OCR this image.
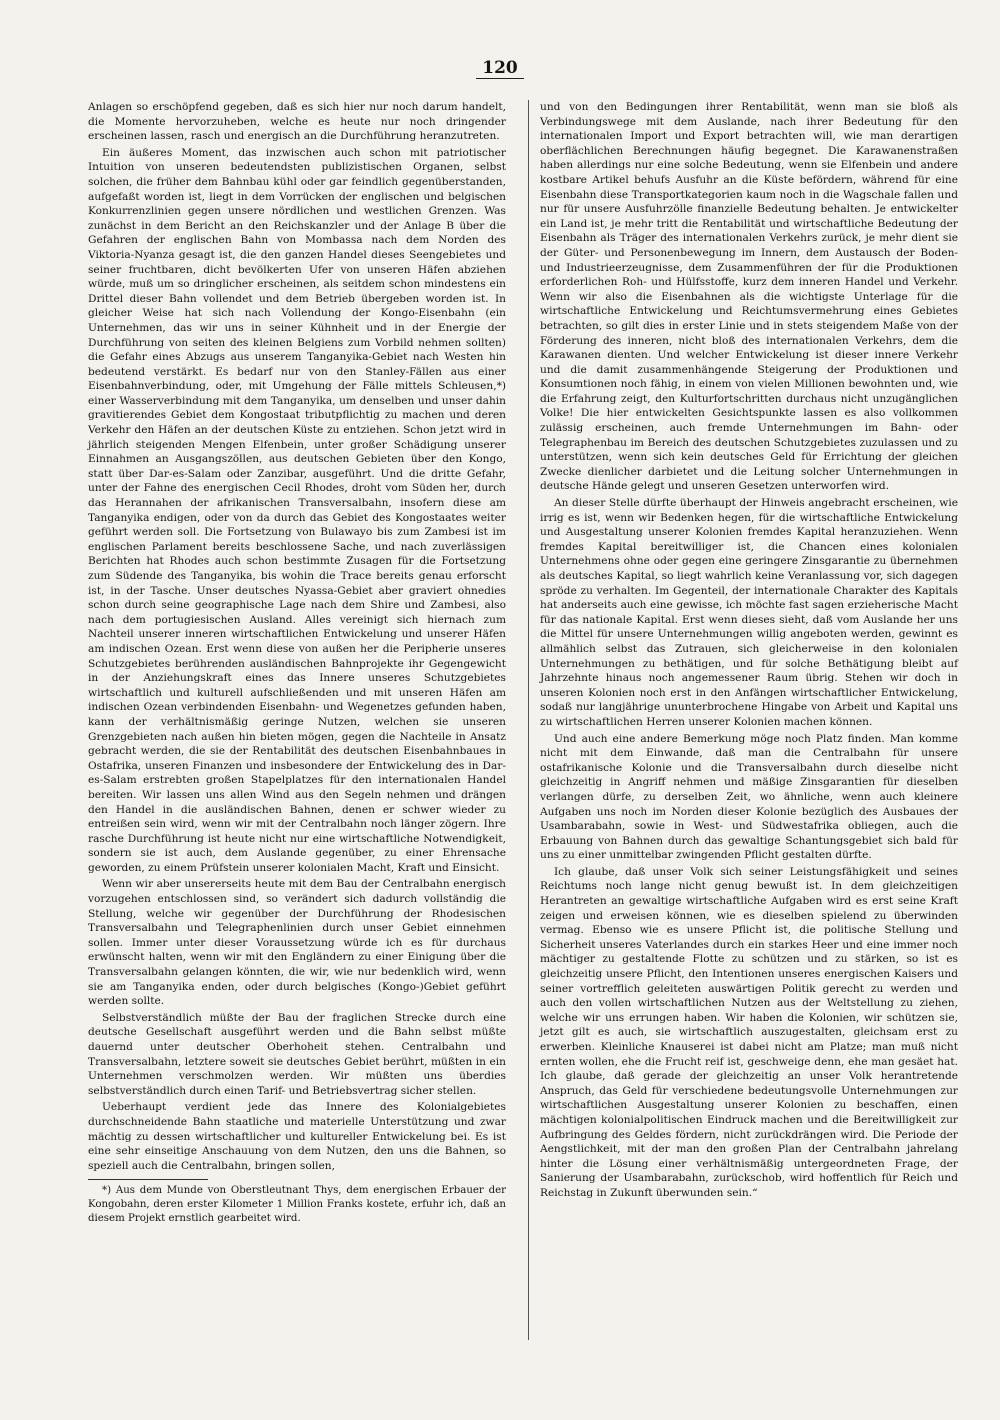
120

Anlagen so erschöpfend gegeben, daß es sich hier nur noch darum handelt, die Momente hervorzuheben, welche es heute nur noch dringender erscheinen lassen, rasch und energisch an die Durchführung heranzutreten.

Ein äußeres Moment, das inzwischen auch schon mit patriotischer Intuition von unseren bedeutendsten publizistischen Organen, selbst solchen, die früher dem Bahnbau kühl oder gar feindlich gegenüberstanden, aufgefaßt worden ist, liegt in dem Vorrücken der englischen und belgischen Konkurrenzlinien gegen unsere nördlichen und westlichen Grenzen. Was zunächst in dem Bericht an den Reichskanzler und der Anlage B über die Gefahren der englischen Bahn von Mombassa nach dem Norden des Viktoria-Nyanza gesagt ist, die den ganzen Handel dieses Seengebietes und seiner fruchtbaren, dicht bevölkerten Ufer von unseren Häfen abziehen würde, muß um so dringlicher erscheinen, als seitdem schon mindestens ein Drittel dieser Bahn vollendet und dem Betrieb übergeben worden ist. In gleicher Weise hat sich nach Vollendung der Kongo-Eisenbahn (ein Unternehmen, das wir uns in seiner Kühnheit und in der Energie der Durchführung von seiten des kleinen Belgiens zum Vorbild nehmen sollten) die Gefahr eines Abzugs aus unserem Tanganyika-Gebiet nach Westen hin bedeutend verstärkt. Es bedarf nur von den Stanley-Fällen aus einer Eisenbahnverbindung, oder, mit Umgehung der Fälle mittels Schleusen,*) einer Wasserverbindung mit dem Tanganyika, um denselben und unser dahin gravitierendes Gebiet dem Kongostaat tributpflichtig zu machen und deren Verkehr den Häfen an der deutschen Küste zu entziehen. Schon jetzt wird in jährlich steigenden Mengen Elfenbein, unter großer Schädigung unserer Einnahmen an Ausgangszöllen, aus deutschen Gebieten über den Kongo, statt über Dar-es-Salam oder Zanzibar, ausgeführt. Und die dritte Gefahr, unter der Fahne des energischen Cecil Rhodes, droht vom Süden her, durch das Herannahen der afrikanischen Transversalbahn, insofern diese am Tanganyika endigen, oder von da durch das Gebiet des Kongostaates weiter geführt werden soll. Die Fortsetzung von Bulawayo bis zum Zambesi ist im englischen Parlament bereits beschlossene Sache, und nach zuverlässigen Berichten hat Rhodes auch schon bestimmte Zusagen für die Fortsetzung zum Südende des Tanganyika, bis wohin die Trace bereits genau erforscht ist, in der Tasche. Unser deutsches Nyassa-Gebiet aber graviert ohnedies schon durch seine geographische Lage nach dem Shire und Zambesi, also nach dem portugiesischen Ausland. Alles vereinigt sich hiernach zum Nachteil unserer inneren wirtschaftlichen Entwickelung und unserer Häfen am indischen Ozean. Erst wenn diese von außen her die Peripherie unseres Schutzgebietes berührenden ausländischen Bahnprojekte ihr Gegengewicht in der Anziehungskraft eines das Innere unseres Schutzgebietes wirtschaftlich und kulturell aufschließenden und mit unseren Häfen am indischen Ozean verbindenden Eisenbahn- und Wegenetzes gefunden haben, kann der verhältnismäßig geringe Nutzen, welchen sie unseren Grenzgebieten nach außen hin bieten mögen, gegen die Nachteile in Ansatz gebracht werden, die sie der Rentabilität des deutschen Eisenbahnbaues in Ostafrika, unseren Finanzen und insbesondere der Entwickelung des in Dar-es-Salam erstrebten großen Stapelplatzes für den internationalen Handel bereiten. Wir lassen uns allen Wind aus den Segeln nehmen und drängen den Handel in die ausländischen Bahnen, denen er schwer wieder zu entreißen sein wird, wenn wir mit der Centralbahn noch länger zögern. Ihre rasche Durchführung ist heute nicht nur eine wirtschaftliche Notwendigkeit, sondern sie ist auch, dem Auslande gegenüber, zu einer Ehrensache geworden, zu einem Prüfstein unserer kolonialen Macht, Kraft und Einsicht.

Wenn wir aber unsererseits heute mit dem Bau der Centralbahn energisch vorzugehen entschlossen sind, so verändert sich dadurch vollständig die Stellung, welche wir gegenüber der Durchführung der Rhodesischen Transversalbahn und Telegraphenlinien durch unser Gebiet einnehmen sollen. Immer unter dieser Voraussetzung würde ich es für durchaus erwünscht halten, wenn wir mit den Engländern zu einer Einigung über die Transversalbahn gelangen könnten, die wir, wie nur bedenklich wird, wenn sie am Tanganyika enden, oder durch belgisches (Kongo-)Gebiet geführt werden sollte.

Selbstverständlich müßte der Bau der fraglichen Strecke durch eine deutsche Gesellschaft ausgeführt werden und die Bahn selbst müßte dauernd unter deutscher Oberhoheit stehen. Centralbahn und Transversalbahn, letztere soweit sie deutsches Gebiet berührt, müßten in ein Unternehmen verschmolzen werden. Wir müßten uns überdies selbstverständlich durch einen Tarif- und Betriebsvertrag sicher stellen.

Ueberhaupt verdient jede das Innere des Kolonialgebietes durchschneidende Bahn staatliche und materielle Unterstützung und zwar mächtig zu dessen wirtschaftlicher und kultureller Entwickelung bei. Es ist eine sehr einseitige Anschauung von dem Nutzen, den uns die Bahnen, so speziell auch die Centralbahn, bringen sollen,

*) Aus dem Munde von Oberstleutnant Thys, dem energischen Erbauer der Kongobahn, deren erster Kilometer 1 Million Franks kostete, erfuhr ich, daß an diesem Projekt ernstlich gearbeitet wird.

und von den Bedingungen ihrer Rentabilität, wenn man sie bloß als Verbindungswege mit dem Auslande, nach ihrer Bedeutung für den internationalen Import und Export betrachten will, wie man derartigen oberflächlichen Berechnungen häufig begegnet. Die Karawanenstraßen haben allerdings nur eine solche Bedeutung, wenn sie Elfenbein und andere kostbare Artikel behufs Ausfuhr an die Küste befördern, während für eine Eisenbahn diese Transportkategorien kaum noch in die Wagschale fallen und nur für unsere Ausfuhrzölle finanzielle Bedeutung behalten. Je entwickelter ein Land ist, je mehr tritt die Rentabilität und wirtschaftliche Bedeutung der Eisenbahn als Träger des internationalen Verkehrs zurück, je mehr dient sie der Güter- und Personenbewegung im Innern, dem Austausch der Boden- und Industrieerzeugnisse, dem Zusammenführen der für die Produktionen erforderlichen Roh- und Hülfsstoffe, kurz dem inneren Handel und Verkehr. Wenn wir also die Eisenbahnen als die wichtigste Unterlage für die wirtschaftliche Entwickelung und Reichtumsvermehrung eines Gebietes betrachten, so gilt dies in erster Linie und in stets steigendem Maße von der Förderung des inneren, nicht bloß des internationalen Verkehrs, dem die Karawanen dienten. Und welcher Entwickelung ist dieser innere Verkehr und die damit zusammenhängende Steigerung der Produktionen und Konsumtionen noch fähig, in einem von vielen Millionen bewohnten und, wie die Erfahrung zeigt, den Kulturfortschritten durchaus nicht unzugänglichen Volke! Die hier entwickelten Gesichtspunkte lassen es also vollkommen zulässig erscheinen, auch fremde Unternehmungen im Bahn- oder Telegraphenbau im Bereich des deutschen Schutzgebietes zuzulassen und zu unterstützen, wenn sich kein deutsches Geld für Errichtung der gleichen Zwecke dienlicher darbietet und die Leitung solcher Unternehmungen in deutsche Hände gelegt und unseren Gesetzen unterworfen wird.

An dieser Stelle dürfte überhaupt der Hinweis angebracht erscheinen, wie irrig es ist, wenn wir Bedenken hegen, für die wirtschaftliche Entwickelung und Ausgestaltung unserer Kolonien fremdes Kapital heranzuziehen. Wenn fremdes Kapital bereitwilliger ist, die Chancen eines kolonialen Unternehmens ohne oder gegen eine geringere Zinsgarantie zu übernehmen als deutsches Kapital, so liegt wahrlich keine Veranlassung vor, sich dagegen spröde zu verhalten. Im Gegenteil, der internationale Charakter des Kapitals hat anderseits auch eine gewisse, ich möchte fast sagen erzieherische Macht für das nationale Kapital. Erst wenn dieses sieht, daß vom Auslande her uns die Mittel für unsere Unternehmungen willig angeboten werden, gewinnt es allmählich selbst das Zutrauen, sich gleicherweise in den kolonialen Unternehmungen zu bethätigen, und für solche Bethätigung bleibt auf Jahrzehnte hinaus noch angemessener Raum übrig. Stehen wir doch in unseren Kolonien noch erst in den Anfängen wirtschaftlicher Entwickelung, sodaß nur langjährige ununterbrochene Hingabe von Arbeit und Kapital uns zu wirtschaftlichen Herren unserer Kolonien machen können.

Und auch eine andere Bemerkung möge noch Platz finden. Man komme nicht mit dem Einwande, daß man die Centralbahn für unsere ostafrikanische Kolonie und die Transversalbahn durch dieselbe nicht gleichzeitig in Angriff nehmen und mäßige Zinsgarantien für dieselben verlangen dürfe, zu derselben Zeit, wo ähnliche, wenn auch kleinere Aufgaben uns noch im Norden dieser Kolonie bezüglich des Ausbaues der Usambarabahn, sowie in West- und Südwestafrika obliegen, auch die Erbauung von Bahnen durch das gewaltige Schantungsgebiet sich bald für uns zu einer unmittelbar zwingenden Pflicht gestalten dürfte.

Ich glaube, daß unser Volk sich seiner Leistungsfähigkeit und seines Reichtums noch lange nicht genug bewußt ist. In dem gleichzeitigen Herantreten an gewaltige wirtschaftliche Aufgaben wird es erst seine Kraft zeigen und erweisen können, wie es dieselben spielend zu überwinden vermag. Ebenso wie es unsere Pflicht ist, die politische Stellung und Sicherheit unseres Vaterlandes durch ein starkes Heer und eine immer noch mächtiger zu gestaltende Flotte zu schützen und zu stärken, so ist es gleichzeitig unsere Pflicht, den Intentionen unseres energischen Kaisers und seiner vortrefflich geleiteten auswärtigen Politik gerecht zu werden und auch den vollen wirtschaftlichen Nutzen aus der Weltstellung zu ziehen, welche wir uns errungen haben. Wir haben die Kolonien, wir schützen sie, jetzt gilt es auch, sie wirtschaftlich auszugestalten, gleichsam erst zu erwerben. Kleinliche Knauserei ist dabei nicht am Platze; man muß nicht ernten wollen, ehe die Frucht reif ist, geschweige denn, ehe man gesäet hat. Ich glaube, daß gerade der gleichzeitig an unser Volk herantretende Anspruch, das Geld für verschiedene bedeutungsvolle Unternehmungen zur wirtschaftlichen Ausgestaltung unserer Kolonien zu beschaffen, einen mächtigen kolonialpolitischen Eindruck machen und die Bereitwilligkeit zur Aufbringung des Geldes fördern, nicht zurückdrängen wird. Die Periode der Aengstlichkeit, mit der man den großen Plan der Centralbahn jahrelang hinter die Lösung einer verhältnismäßig untergeordneten Frage, der Sanierung der Usambarabahn, zurückschob, wird hoffentlich für Reich und Reichstag in Zukunft überwunden sein.“
